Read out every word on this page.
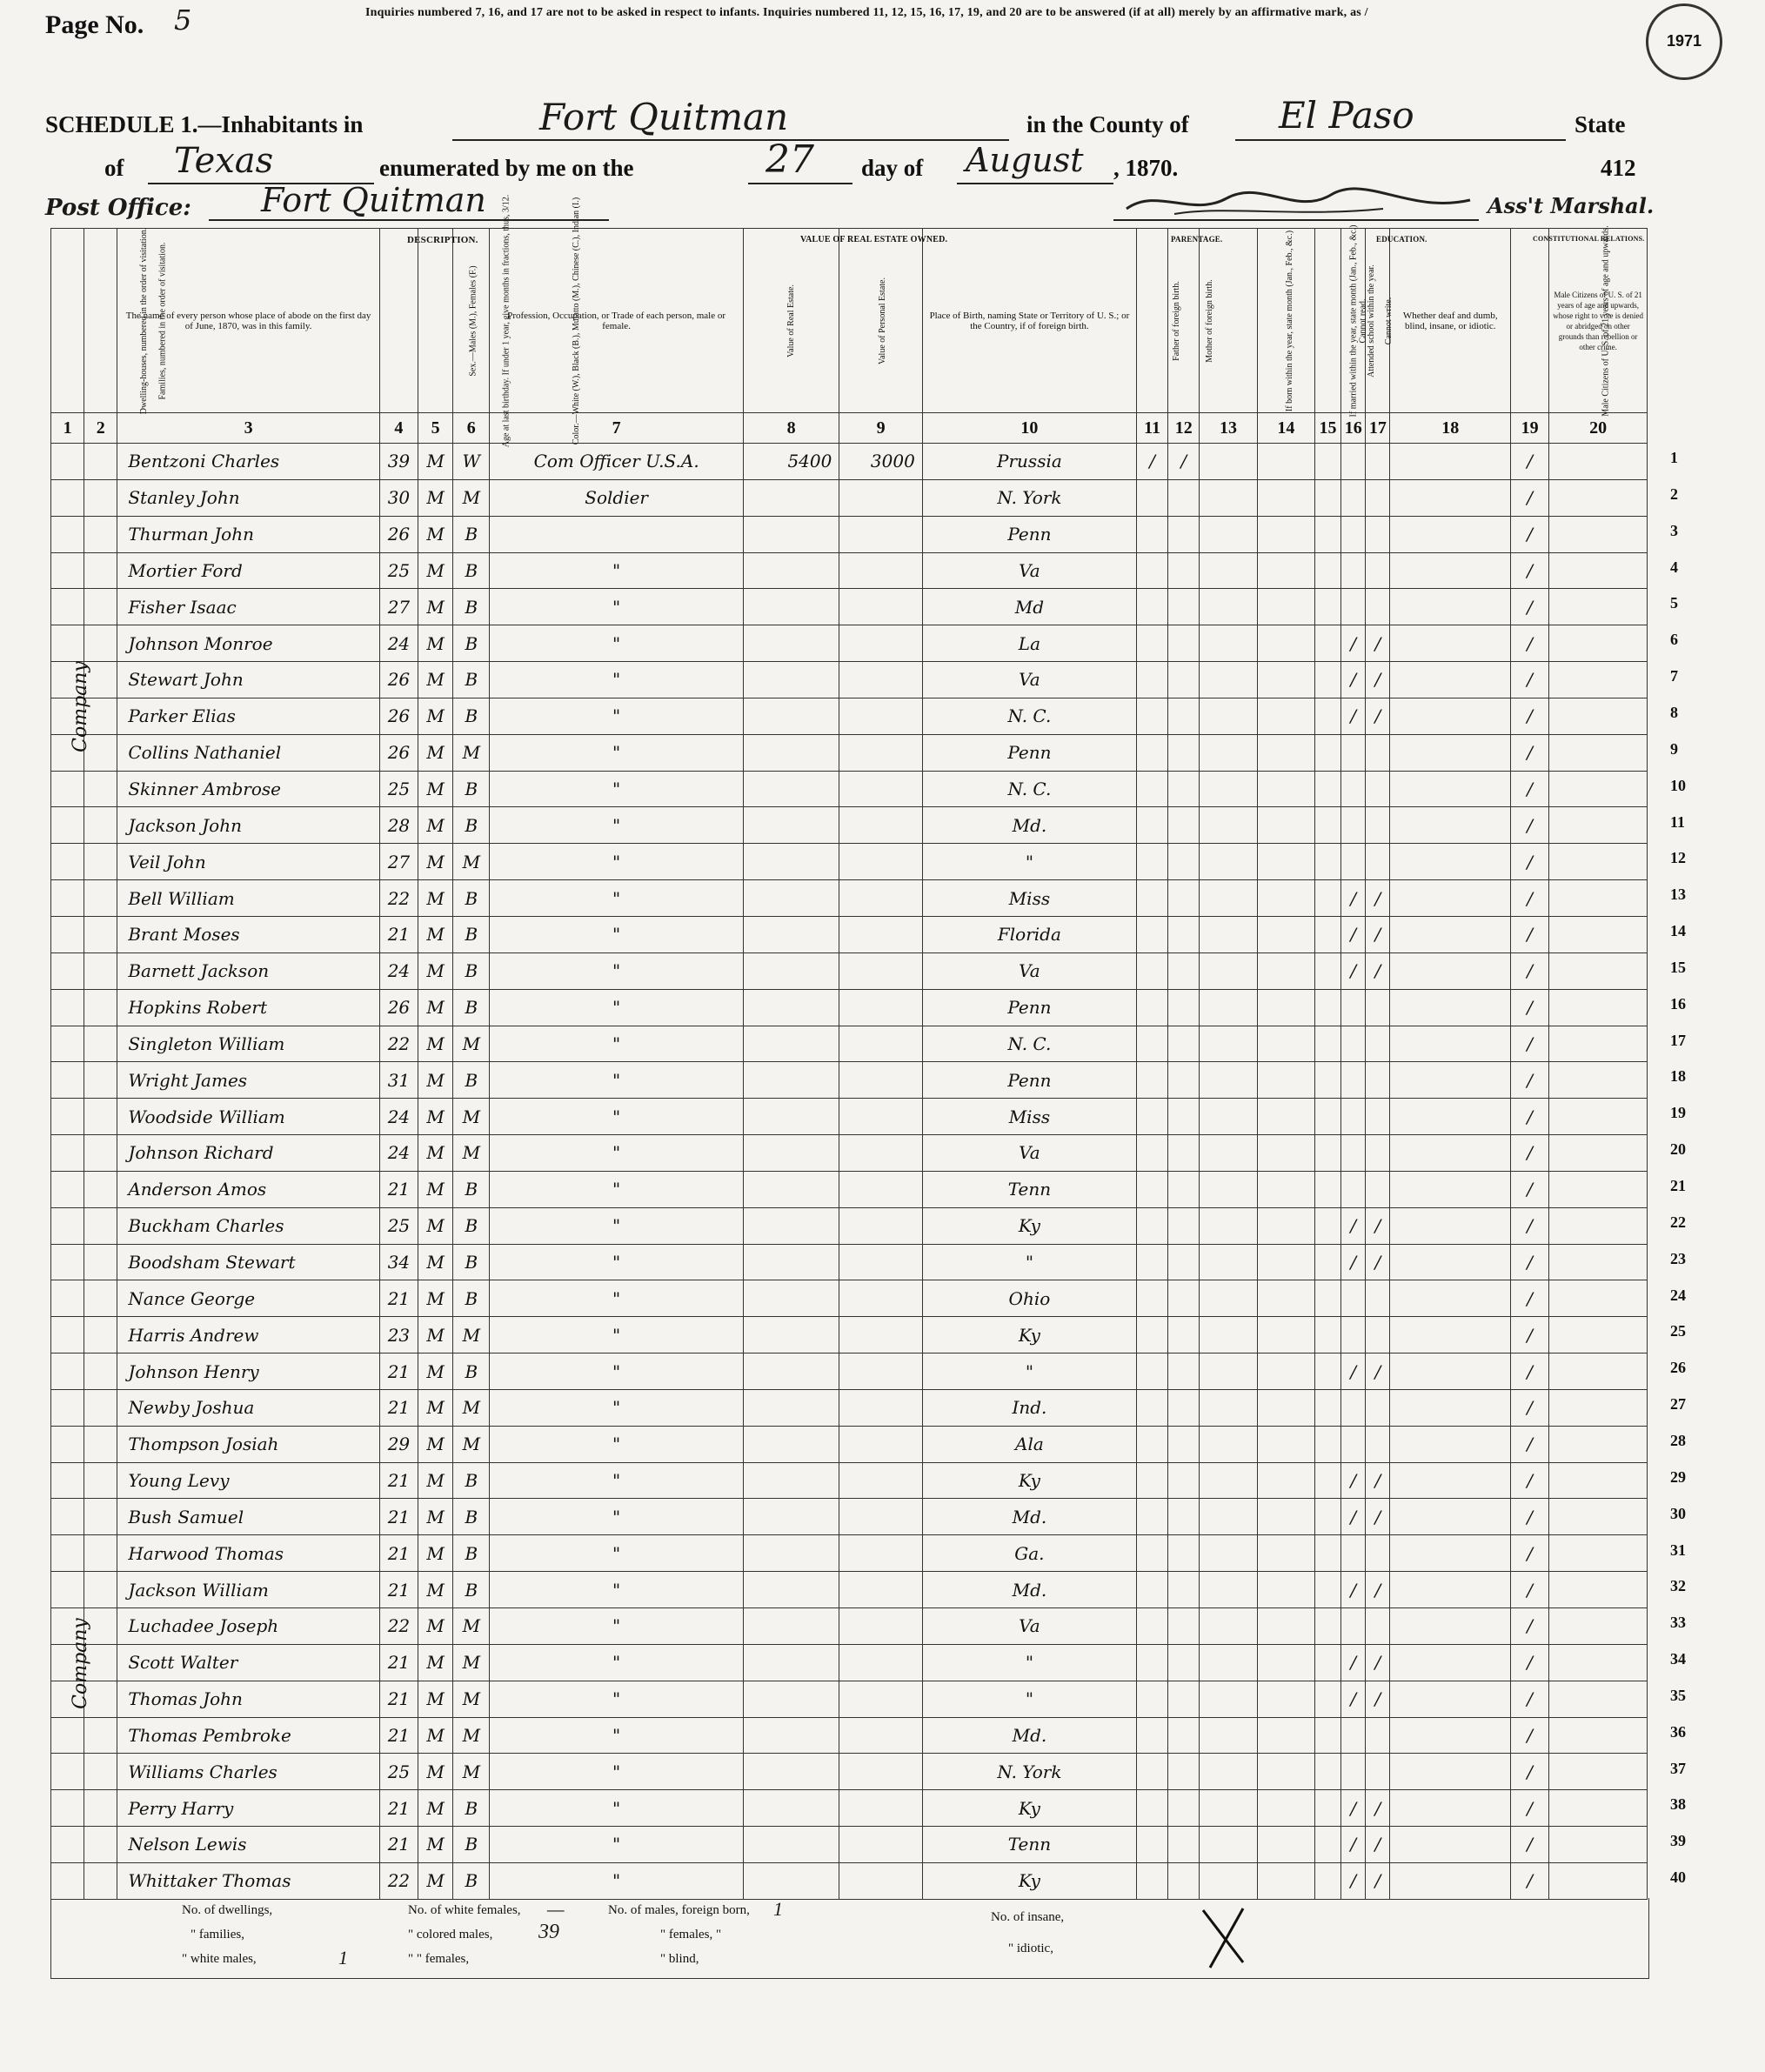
Page No. 5	Inquiries numbered 7, 16, and 17 are not to be asked in respect to infants. Inquiries numbered 11, 12, 15, 16, 17, 19, and 20 are to be answered (if at all) merely by an affirmative mark, as /
1971
SCHEDULE 1.—Inhabitants in	Fort Quitman	in the County of El Paso	State
of Texas	enumerated by me on the	27 day of August , 1870.	412
Post Office: Fort Quitman	Ass't Marshal.
Dwelling-houses, numbered in the order of visitation.	Families, numbered in the order of visitation.	The name of every person whose place of abode on the first day of June, 1870, was in this family.	Age at last birthday. If under 1 year, give months in fractions, thus, 3/12.	Sex.—Males (M.), Females (F.)	Color.—White (W.), Black (B.), Mulatto (M.), Chinese (C.), Indian (I.)	Profession, Occupation, or Trade of each person, male or female.	Value of Real Estate.	Value of Personal Estate.	Place of Birth, naming State or Territory of U. S.; or the Country, if of foreign birth.	Father of foreign birth.	Mother of foreign birth.	If born within the year, state month (Jan., Feb., &c.)	If married within the year, state month (Jan., Feb., &c.)	Attended school within the year.	Cannot read.	Cannot write.	Whether deaf and dumb, blind, insane, or idiotic.	Male Citizens of U. S. of 21 years of age and upwards.	Male Citizens of U. S. of 21 years of age and upwards, whose right to vote is denied or abridged on other grounds than rebellion or other crime.
1	2	3	4	5	6	7	8	9	10	11	12	13	14	15	16	17	18	19	20
		Bentzoni Charles	39	M	W	Com Officer U.S.A.	5400	3000	Prussia	/	/							/	
		Stanley John	30	M	M	Soldier			N. York									/	
		Thurman John	26	M	B				Penn									/	
		Mortier Ford	25	M	B	"			Va									/	
		Fisher Isaac	27	M	B	"			Md									/	
		Johnson Monroe	24	M	B	"			La						/	/		/	
		Stewart John	26	M	B	"			Va						/	/		/	
		Parker Elias	26	M	B	"			N. C.						/	/		/	
		Collins Nathaniel	26	M	M	"			Penn									/	
		Skinner Ambrose	25	M	B	"			N. C.									/	
		Jackson John	28	M	B	"			Md.									/	
		Veil John	27	M	M	"			"									/	
		Bell William	22	M	B	"			Miss						/	/		/	
		Brant Moses	21	M	B	"			Florida						/	/		/	
		Barnett Jackson	24	M	B	"			Va						/	/		/	
		Hopkins Robert	26	M	B	"			Penn									/	
		Singleton William	22	M	M	"			N. C.									/	
		Wright James	31	M	B	"			Penn									/	
		Woodside William	24	M	M	"			Miss									/	
		Johnson Richard	24	M	M	"			Va									/	
		Anderson Amos	21	M	B	"			Tenn									/	
		Buckham Charles	25	M	B	"			Ky						/	/		/	
		Boodsham Stewart	34	M	B	"			"						/	/		/	
		Nance George	21	M	B	"			Ohio									/	
		Harris Andrew	23	M	M	"			Ky									/	
		Johnson Henry	21	M	B	"			"						/	/		/	
		Newby Joshua	21	M	M	"			Ind.									/	
		Thompson Josiah	29	M	M	"			Ala									/	
		Young Levy	21	M	B	"			Ky						/	/		/	
		Bush Samuel	21	M	B	"			Md.						/	/		/	
		Harwood Thomas	21	M	B	"			Ga.									/	
		Jackson William	21	M	B	"			Md.						/	/		/	
		Luchadee Joseph	22	M	M	"			Va									/	
		Scott Walter	21	M	M	"			"						/	/		/	
		Thomas John	21	M	M	"			"						/	/		/	
		Thomas Pembroke	21	M	M	"			Md.									/	
		Williams Charles	25	M	M	"			N. York									/	
		Perry Harry	21	M	B	"			Ky						/	/		/	
		Nelson Lewis	21	M	B	"			Tenn						/	/		/	
		Whittaker Thomas	22	M	B	"			Ky						/	/		/	
DESCRIPTION.	VALUE OF REAL ESTATE OWNED.	PARENTAGE.	EDUCATION.	CONSTITUTIONAL RELATIONS.
Company
Company
1
2
3
4
5
6
7
8
9
10
11
12
13
14
15
16
17
18
19
20
21
22
23
24
25
26
27
28
29
30
31
32
33
34
35
36
37
38
39
40
No. of dwellings,
" families,
" white males,	1
No. of white females, —
" colored males, 39
" " females,
No. of males, foreign born, 1
" females, "
" blind,
No. of insane,
" idiotic,
